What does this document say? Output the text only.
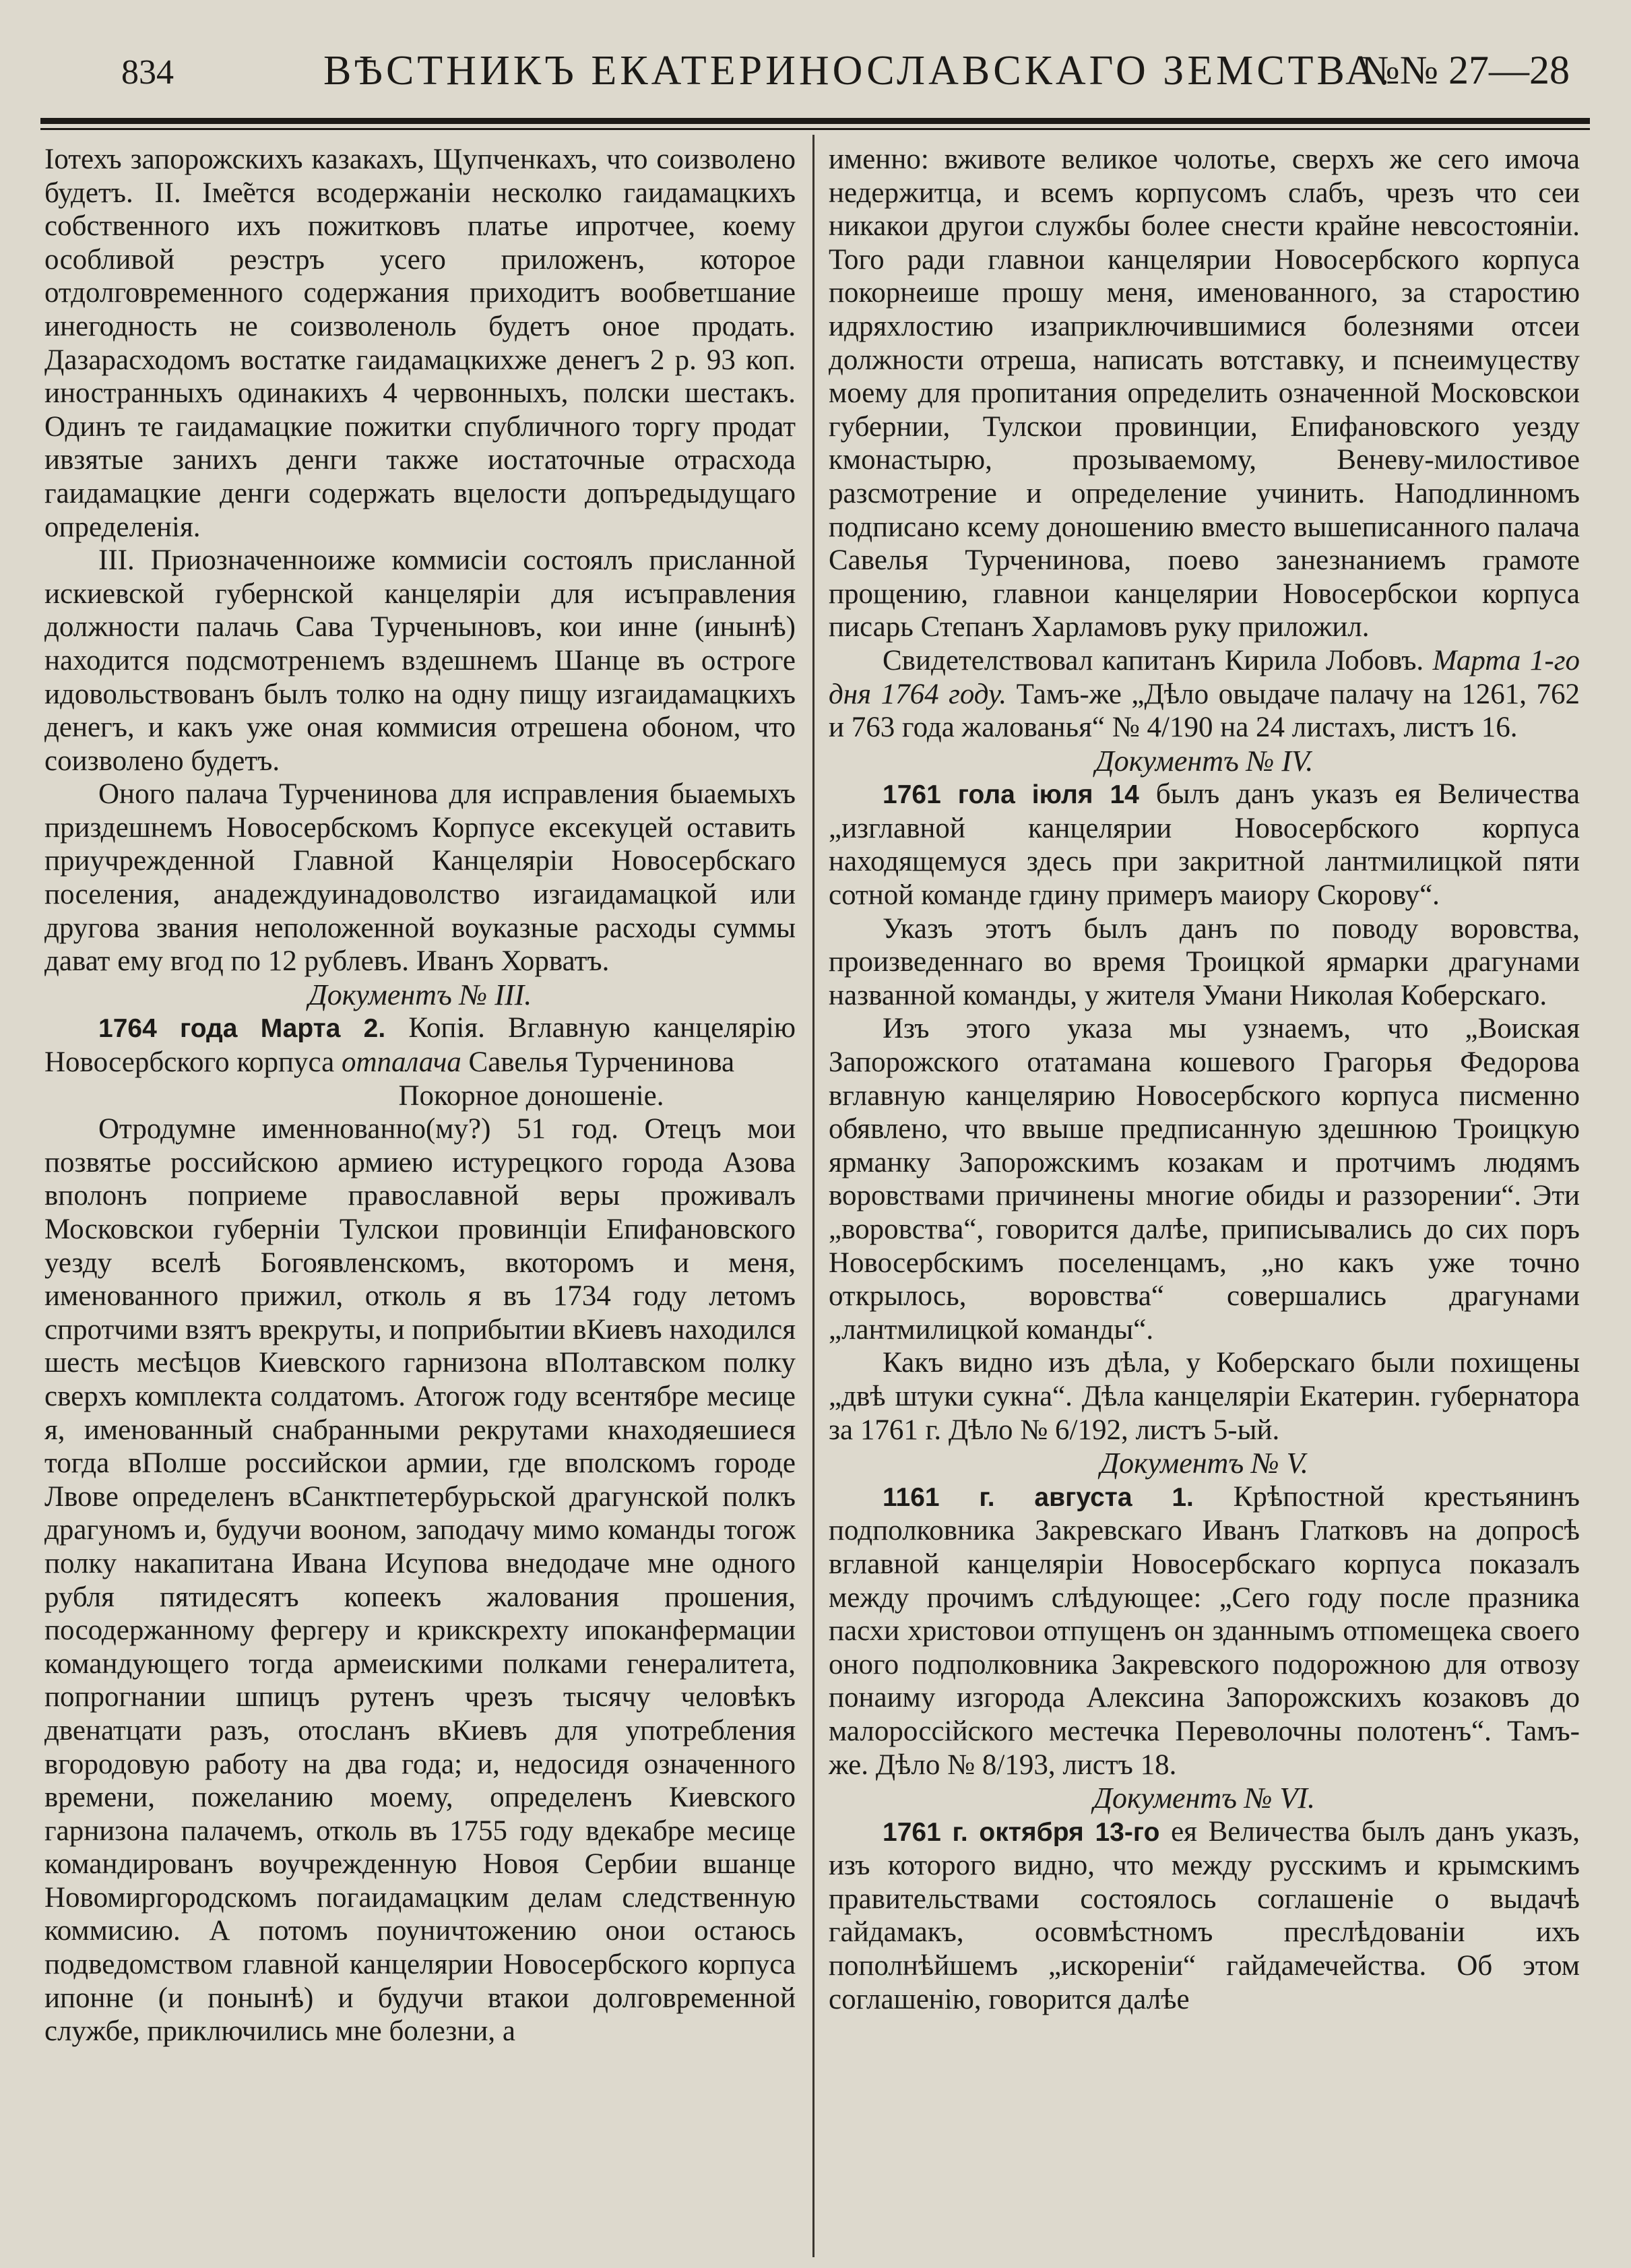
834	ВѢСТНИКЪ ЕКАТЕРИНОСЛАВСКАГО ЗЕМСТВА.
№№ 27—28

Іотехъ запорожскихъ казакахъ, Щупченкахъ, что соизволено будетъ. II. Іме̃ется вcодержанiи несколко гаидамацкихъ собственного ихъ пожитковъ платье ипротчее, коему особливой реэстръ усего приложенъ, которое отдолговременного содержания приходитъ вообветшание инегодность не соизволеноль будетъ оное продать. Дазарасходомъ востатке гаидамацкихже денегъ 2 р. 93 коп. иностранныхъ одинакихъ 4 червонныхъ, полски шестакъ. Одинъ те гаидамацкие пожитки спубличного торгу продат ивзятые заниxъ денги также иостаточные отрасхода гаидамацкие денги содержать вцелости допъредыдущаго определенiя.

III. Приозначенноиже коммисiи состоялъ присланной искиевской губернской канцелярiи для исъправления должности палачь Сава Турченыновъ, кои инне (инынѣ) находится подсмотренıемъ вздешнемъ Шанце въ остроге идовольствованъ былъ толко на одну пищу изгаидамацкихъ денегъ, и какъ уже оная коммисия отрешена обоном, что соизволено будетъ.

Оного палача Турченинова для исправления быаемыхъ приздешнемъ Новосербскомъ Корпусе ексекуцей оставить приучрежденной Главной Канцелярiи Новосербскаго поселения, анадеждуинадоволство изгаидамацкой или другова звания неположенной воуказные расходы суммы дават ему вгод по 12 рублевъ. Иванъ Хорватъ.

Документъ № III.

1764 года Марта 2. Копія. Вглавную канцелярію Новосербского корпуса отпалача Савелья Турченинова

Покорное доношеніе.

Отродумне именнованно(му?) 51 год. Отецъ мои позвятье российскою армиею истурецкого города Азова вполонъ поприеме православной веры проживалъ Московскои губернiи Тулскои провинцiи Епифановского уезду вселѣ Богоявленскомъ, вкоторомъ и меня, именованного прижил, отколь я въ 1734 году летомъ спротчими взятъ врекруты, и поприбытии вКиевъ находился шесть месѣцов Киевского гарнизона вПолтавском полку сверхъ комплекта солдатомъ. Атогож году всентябре месице я, именованный снабранными рекрутами кнаходяешиеся тогда вПолше российскои армии, где вполскомъ городе Лвове определенъ вСанктпетербурьской драгунской полкъ драгуномъ и, будучи вооном, заподачу мимо команды тогож полку накапитана Ивана Исупова внедодаче мне одного рубля пятидесятъ копеекъ жалования прошения, посодержанному фергеру и крикскрехту ипоканфермации командующего тогда армеискими полками генералитета, попрогнании шпицъ рутенъ чрезъ тысячу человѣкъ двенатцати разъ, отосланъ вКиевъ для употребления вгородовую работу на два года; и, недосидя означенного времени, пожеланию моему, определенъ Киевского гарнизона палачемъ, отколь въ 1755 году вдекабре месице командированъ воучрежденную Новоя Сербии вшанце Новомиргородскомъ погаидамацким делам следственную коммисию. А потомъ поуничтожению онои остаюсь подведомством главной канцелярии Новосербского корпуса ипонне (и понынѣ) и будучи втакои долговременной службе, приключились мне болезни, а

именно: вживоте великое чолотье, сверхъ же сего имоча недержитца, и всемъ корпусомъ слабъ, чрезъ что сеи никакои другои службы более снести крайне невсостоянiи. Того ради главнои канцелярии Новосербского корпуса покорнеише прошу меня, именованного, за старостию идряхлостию изаприключившимися болезнями отсеи должности отреша, написать вотставку, и пснеимуцеству моему для пропитания определить означенной Московскои губернии, Тулскои провинции, Епифановского уезду кмонастырю, прозываемому, Веневу-милостивое разсмотрение и определение учинить. Наподлинномъ подписано ксему доношению вместо вышеписанного палача Савелья Турченинова, поево занезнаниемъ грамоте прощению, главнои канцелярии Новосербскои корпуса писарь Степанъ Харламовъ руку приложил.

Свидетелствовал капитанъ Кирила Лобовъ. Марта 1-го дня 1764 году. Тамъ-же „Дѣло овыдаче палачу на 1261, 762 и 763 года жалованья“ № 4/190 на 24 листахъ, листъ 16.

Документъ № IV.

1761 гола іюля 14 былъ данъ указъ ея Величества „изглавной канцелярии Новосербского корпуса находящемуся здесь при закритной лантмилицкой пяти сотной команде гдину примеръ маиору Скорову“.

Указъ этотъ былъ данъ по поводу воровства, произведеннаго во время Троицкой ярмарки драгунами названной команды, у жителя Умани Николая Коберскаго.

Изъ этого указа мы узнаемъ, что „Воиская Запорожского отатамана кошевого Грагорья Федорова вглавную канцелярию Новосербского корпуса писменно обявлено, что ввыше предписанную здешнюю Троицкую ярманку Запорожскимъ козакам и протчимъ людямъ воровствами причинены многие обиды и раззорении“. Эти „воровства“, говорится далѣе, приписывались до сих поръ Новосербскимъ поселенцамъ, „но какъ уже точно открылось, воровства“ совершались драгунами „лантмилицкой команды“.

Какъ видно изъ дѣла, у Коберскаго были похищены „двѣ штуки сукна“. Дѣла канцелярiи Екатерин. губернатора за 1761 г. Дѣло № 6/192, листъ 5-ый.

Документъ № V.

1161 г. августа 1. Крѣпостной крестьянинъ подполковника Закревскаго Иванъ Глатковъ на допросѣ вглавной канцелярiи Новосербскаго корпуса показалъ между прочимъ слѣдующее: „Сего году после празника пасхи христовои отпущенъ он зданнымъ отпомещека своего оного подполковника Закревского подорожною для отвозу понаиму изгорода Алексина Запорожскихъ козаковъ до малороссiйского местечка Переволочны полотенъ“. Тамъ-же. Дѣло № 8/193, листъ 18.

Документъ № VI.

1761 г. октября 13-го ея Величества былъ данъ указъ, изъ которого видно, что между русскимъ и крымскимъ правительствами состоялось соглашенiе о выдачѣ гайдамакъ, осовмѣстномъ преслѣдованiи ихъ пополнѣйшемъ „искоренiи“ гайдамечейства. Об этом соглашенiю, говорится далѣе
